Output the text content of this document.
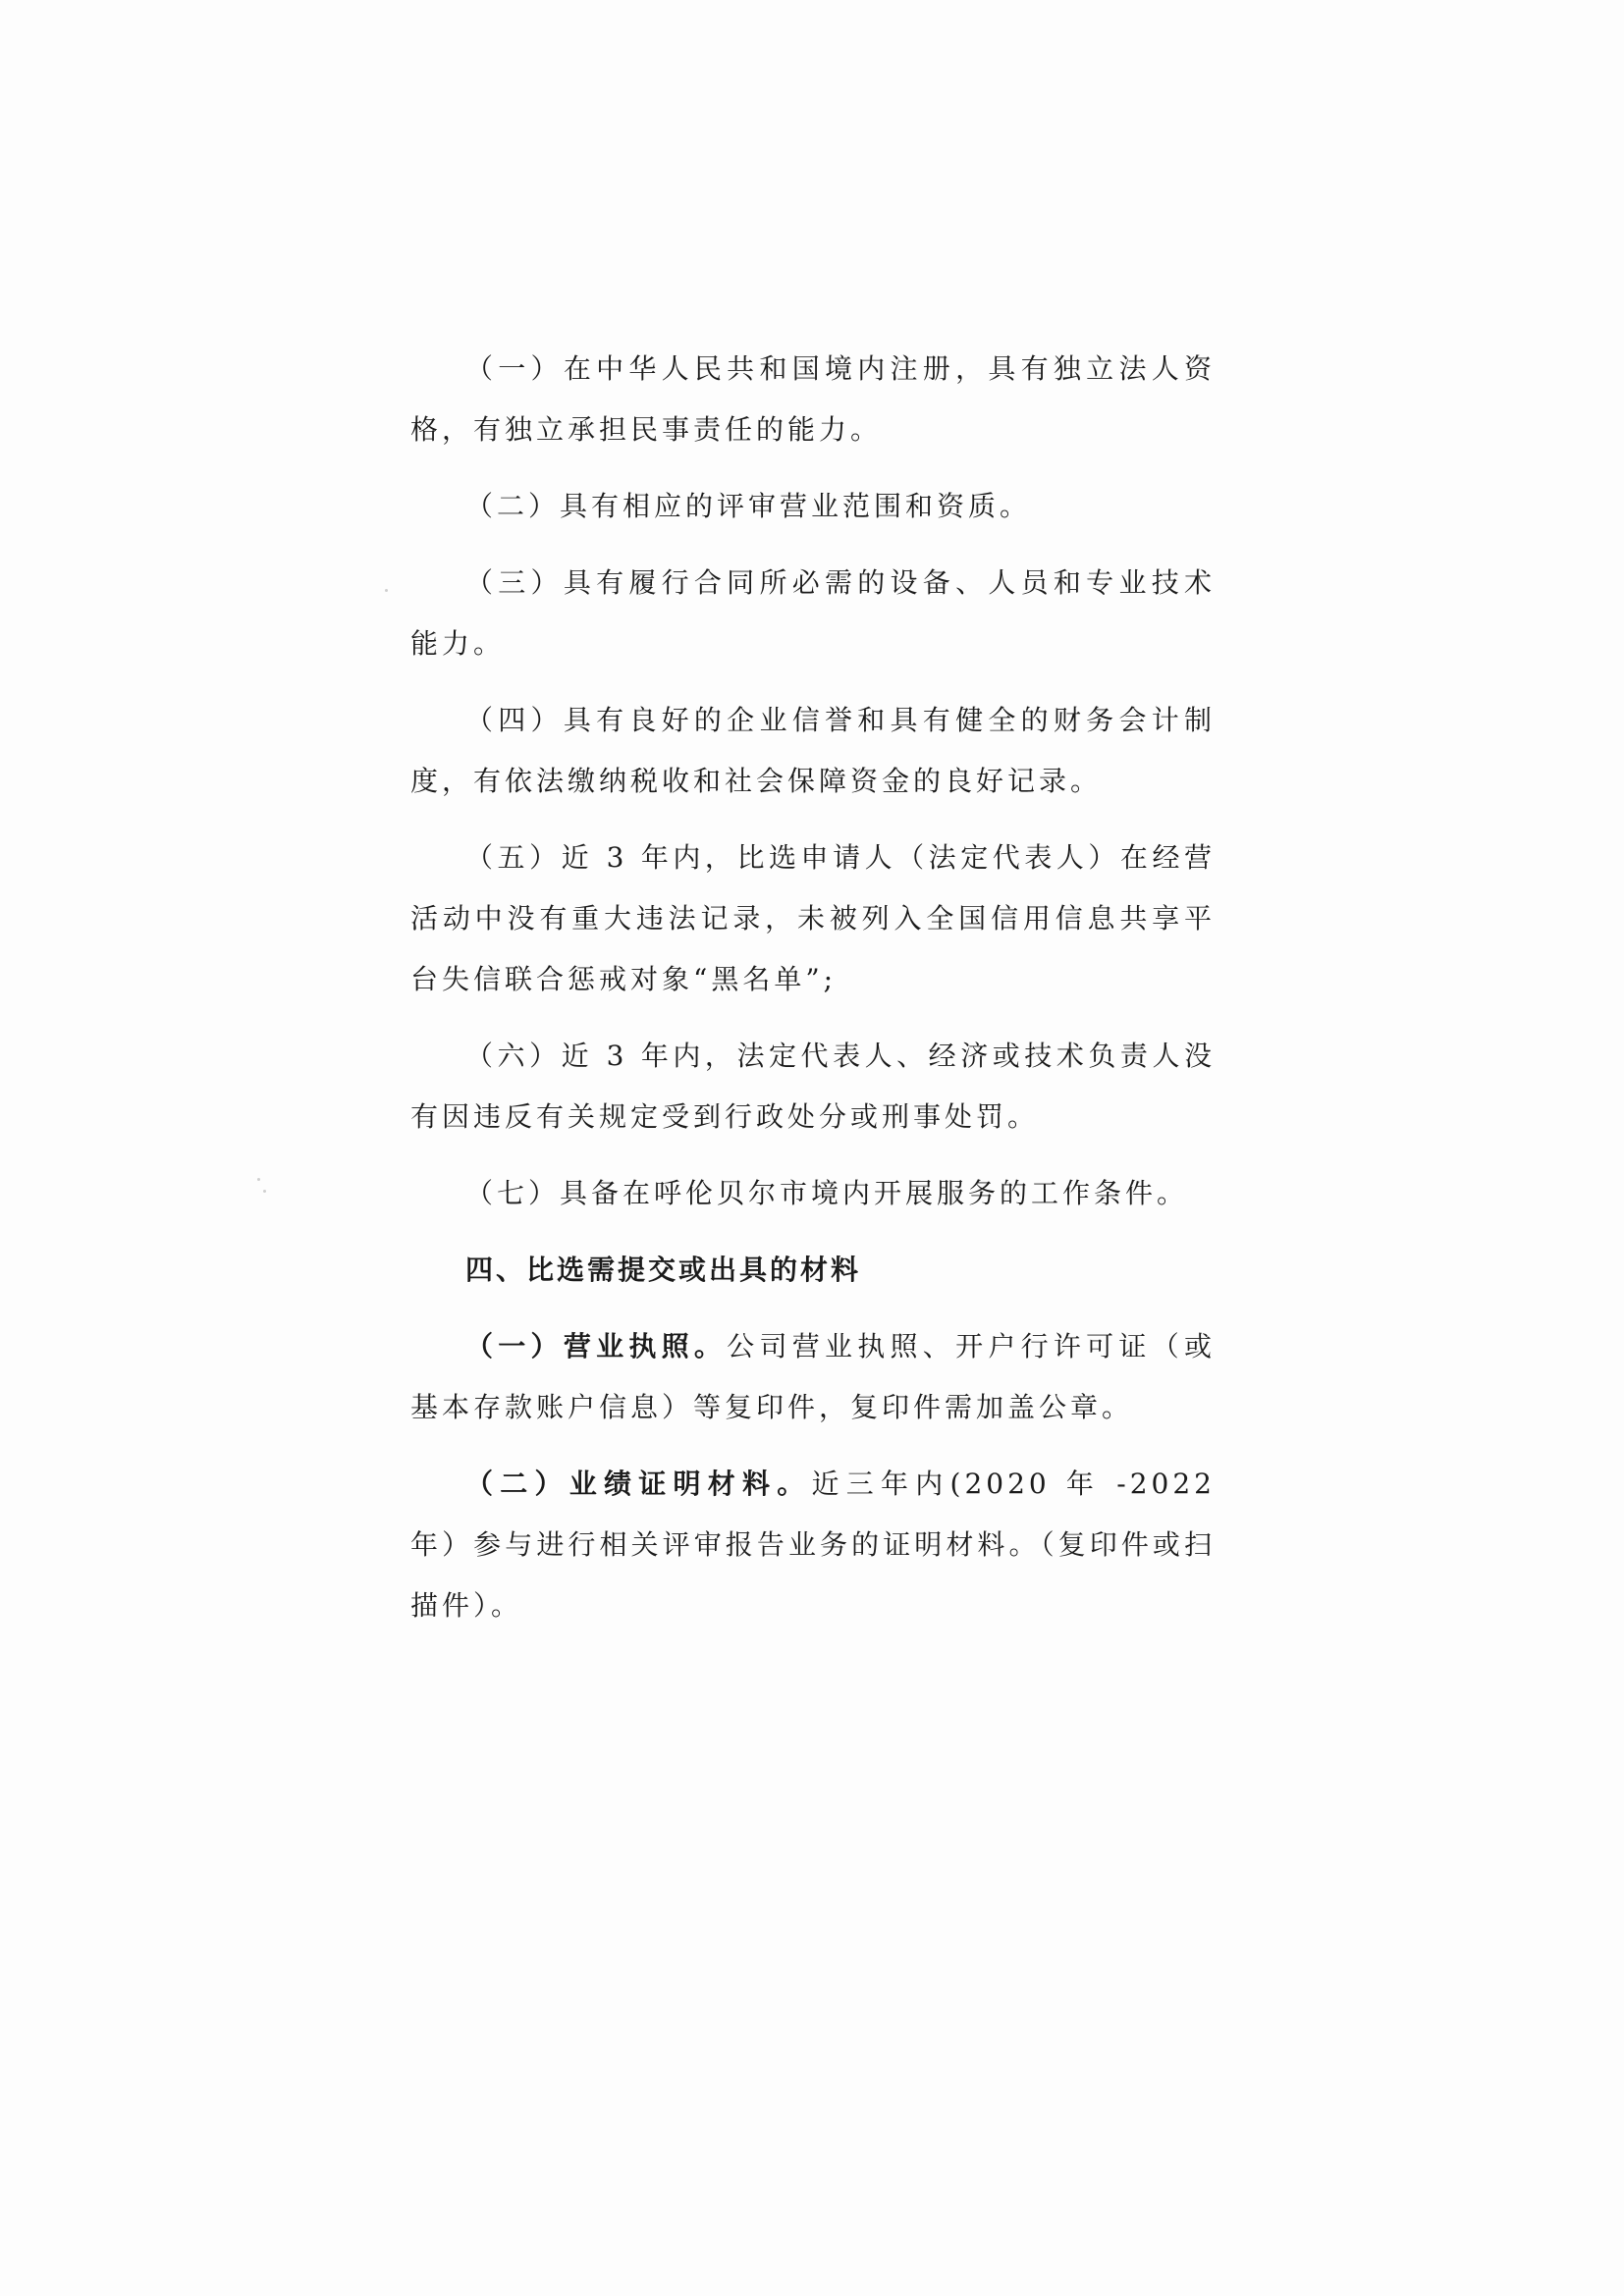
（一）在中华人民共和国境内注册，具有独立法人资格，有独立承担民事责任的能力。

（二）具有相应的评审营业范围和资质。

（三）具有履行合同所必需的设备、人员和专业技术能力。

（四）具有良好的企业信誉和具有健全的财务会计制度，有依法缴纳税收和社会保障资金的良好记录。

（五）近 3 年内，比选申请人（法定代表人）在经营活动中没有重大违法记录，未被列入全国信用信息共享平台失信联合惩戒对象“黑名单”;

（六）近 3 年内，法定代表人、经济或技术负责人没有因违反有关规定受到行政处分或刑事处罚。

（七）具备在呼伦贝尔市境内开展服务的工作条件。

四、比选需提交或出具的材料

（一）营业执照。公司营业执照、开户行许可证（或基本存款账户信息）等复印件，复印件需加盖公章。

（二）业绩证明材料。近三年内(2020 年 -2022 年）参与进行相关评审报告业务的证明材料。（复印件或扫描件）。
